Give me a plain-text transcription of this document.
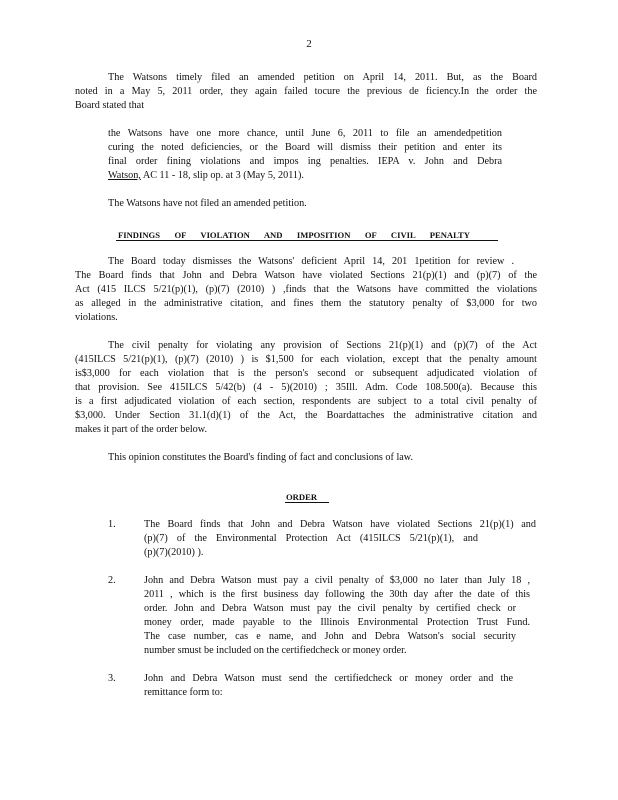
2
The Watsons timely filed an amended petition on April 14, 2011. But, as the Board
noted in a May 5, 2011 order, they again failed tocure the previous de ficiency.In the order the
Board stated that
the Watsons have one more chance, until June 6, 2011 to file an amendedpetition
curing the noted deficiencies, or the Board will dismiss their petition and enter its
final order fining violations and impos ing penalties. IEPA v. John and Debra
Watson, AC 11 - 18, slip op. at 3 (May 5, 2011).
The Watsons have not filed an amended petition.
FINDINGS OF VIOLATION AND IMPOSITION OF CIVIL PENALTY
The Board today dismisses the Watsons' deficient April 14, 201 1petition for review .
The Board finds that John and Debra Watson have violated Sections 21(p)(1) and (p)(7) of the
Act (415 ILCS 5/21(p)(1), (p)(7) (2010) ) ,finds that the Watsons have committed the violations
as alleged in the administrative citation, and fines them the statutory penalty of $3,000 for two
violations.
The civil penalty for violating any provision of Sections 21(p)(1) and (p)(7) of the Act
(415ILCS 5/21(p)(1), (p)(7) (2010) ) is $1,500 for each violation, except that the penalty amount
is$3,000 for each violation that is the person's second or subsequent adjudicated violation of
that provision. See 415ILCS 5/42(b) (4 - 5)(2010) ; 35Ill. Adm. Code 108.500(a). Because this
is a first adjudicated violation of each section, respondents are subject to a total civil penalty of
$3,000. Under Section 31.1(d)(1) of the Act, the Boardattaches the administrative citation and
makes it part of the order below.
This opinion constitutes the Board's finding of fact and conclusions of law.
ORDER
1.	The Board finds that John and Debra Watson have violated Sections 21(p)(1) and
(p)(7) of the Environmental Protection Act (415ILCS 5/21(p)(1), and
(p)(7)(2010) ).
2.	John and Debra Watson must pay a civil penalty of $3,000 no later than July 18 ,
2011 , which is the first business day following the 30th day after the date of this
order. John and Debra Watson must pay the civil penalty by certified check or
money order, made payable to the Illinois Environmental Protection Trust Fund.
The case number, cas e name, and John and Debra Watson's social security
number smust be included on the certifiedcheck or money order.
3.	John and Debra Watson must send the certifiedcheck or money order and the
remittance form to:
